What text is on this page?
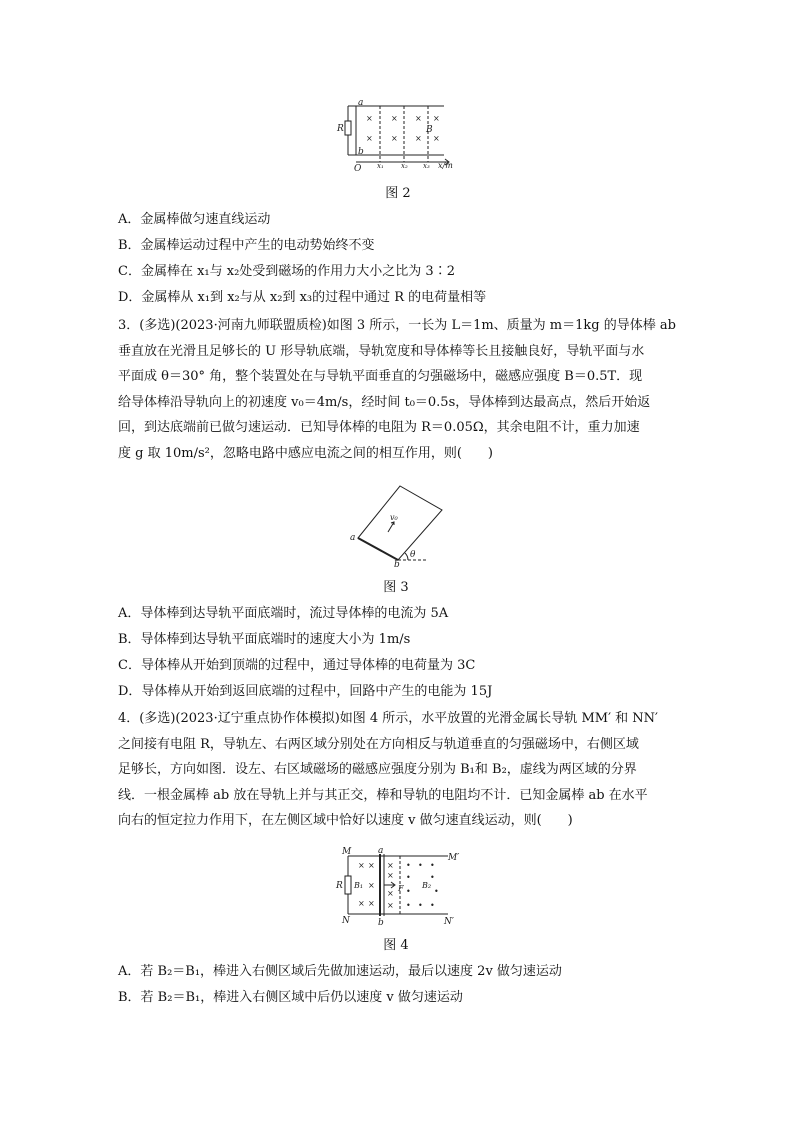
× × × ×
× × × ×
a
b
R	B
O x₁ x₂ x₃ x/m
图 2
A．金属棒做匀速直线运动
B．金属棒运动过程中产生的电动势始终不变
C．金属棒在 x₁与 x₂处受到磁场的作用力大小之比为 3∶2
D．金属棒从 x₁到 x₂与从 x₂到 x₃的过程中通过 R 的电荷量相等

3．(多选)(2023·河南九师联盟质检)如图 3 所示，一长为 L＝1m、质量为 m＝1kg 的导体棒 ab

垂直放在光滑且足够长的 U 形导轨底端，导轨宽度和导体棒等长且接触良好，导轨平面与水

平面成 θ＝30° 角，整个装置处在与导轨平面垂直的匀强磁场中，磁感应强度 B＝0.5T．现

给导体棒沿导轨向上的初速度 v₀＝4m/s，经时间 t₀＝0.5s，导体棒到达最高点，然后开始返

回，到达底端前已做匀速运动．已知导体棒的电阻为 R＝0.05Ω，其余电阻不计，重力加速

度 g 取 10m/s²，忽略电路中感应电流之间的相互作用，则(　　)

a
b
v₀
θ
图 3
A．导体棒到达导轨平面底端时，流过导体棒的电流为 5A
B．导体棒到达导轨平面底端时的速度大小为 1m/s
C．导体棒从开始到顶端的过程中，通过导体棒的电荷量为 3C
D．导体棒从开始到返回底端的过程中，回路中产生的电能为 15J

4．(多选)(2023·辽宁重点协作体模拟)如图 4 所示，水平放置的光滑金属长导轨 MM′ 和 NN′

之间接有电阻 R，导轨左、右两区域分别处在方向相反与轨道垂直的匀强磁场中，右侧区域

足够长，方向如图．设左、右区域磁场的磁感应强度分别为 B₁和 B₂，虚线为两区域的分界

线．一根金属棒 ab 放在导轨上并与其正交，棒和导轨的电阻均不计．已知金属棒 ab 在水平

向右的恒定拉力作用下，在左侧区域中恰好以速度 v 做匀速直线运动，则(　　)

× × ×
×
×
× ×
×
×
• • •
• •
•	•
• • •
M
N
M′
N′
a
b
R B₁	B₂
F
图 4
A．若 B₂＝B₁，棒进入右侧区域后先做加速运动，最后以速度 2v 做匀速运动
B．若 B₂＝B₁，棒进入右侧区域中后仍以速度 v 做匀速运动
